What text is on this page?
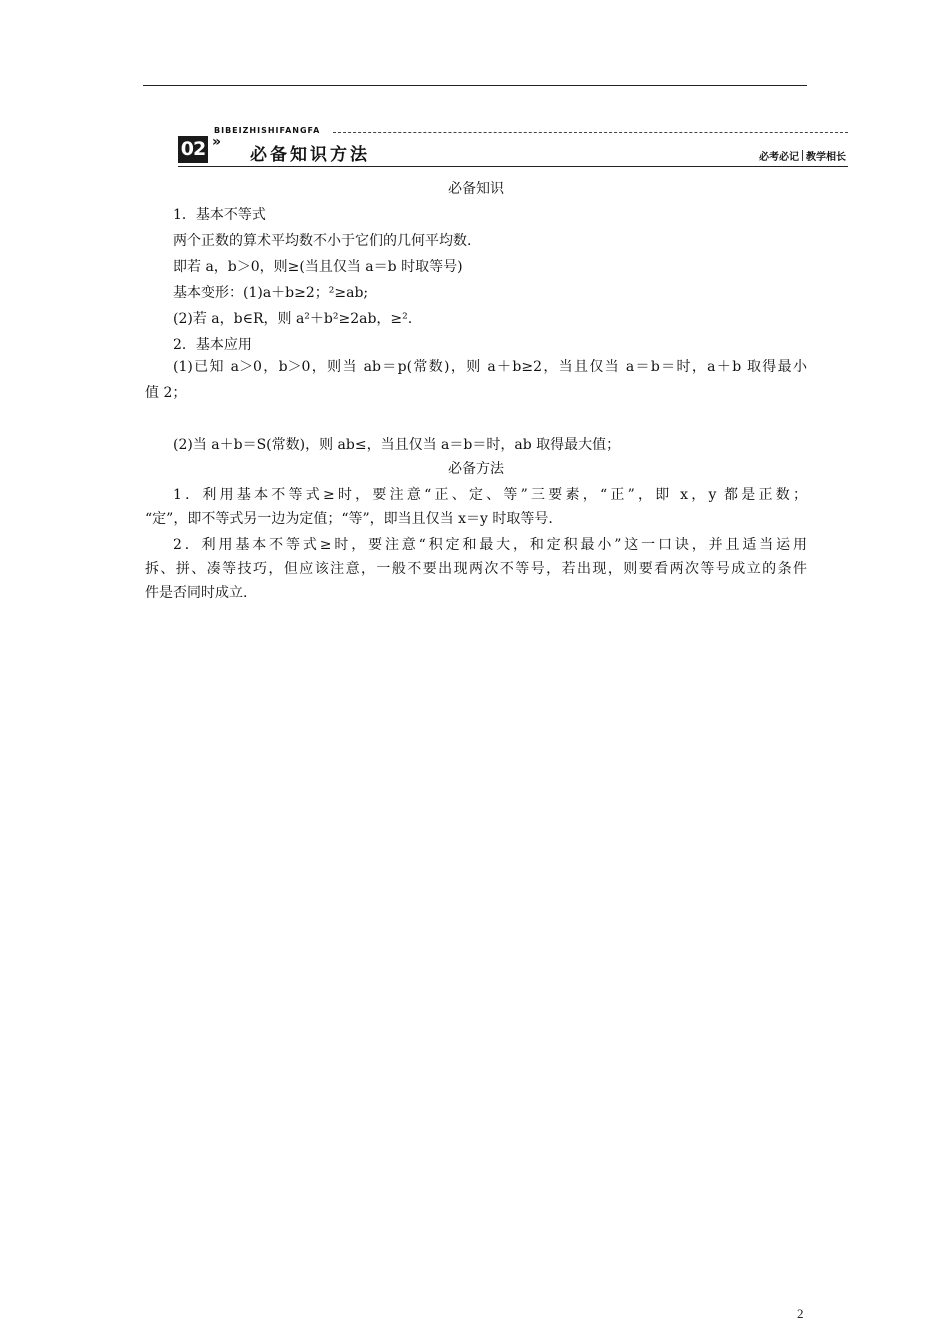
BIBEIZHISHIFANGFA
02 »
必备知识方法	必考必记 教学相长
必备知识
1．基本不等式
两个正数的算术平均数不小于它们的几何平均数.
即若 a，b＞0，则≥(当且仅当 a＝b 时取等号)
基本变形：(1)a＋b≥2；²≥ab;
(2)若 a，b∈R，则 a²＋b²≥2ab，≥².
2．基本应用
(1)已知 a＞0，b＞0，则当 ab＝p(常数)，则 a＋b≥2，当且仅当 a＝b＝时，a＋b 取得最小
值 2；
(2)当 a＋b＝S(常数)，则 ab≤，当且仅当 a＝b＝时，ab 取得最大值；
必备方法
1．利用基本不等式≥时，要注意“正、定、等”三要素，“正”，即 x，y 都是正数；
“定”，即不等式另一边为定值；“等”，即当且仅当 x＝y 时取等号.
2．利用基本不等式≥时，要注意“积定和最大，和定积最小”这一口诀，并且适当运用
拆、拼、凑等技巧，但应该注意，一般不要出现两次不等号，若出现，则要看两次等号成立的条件
件是否同时成立.
2
